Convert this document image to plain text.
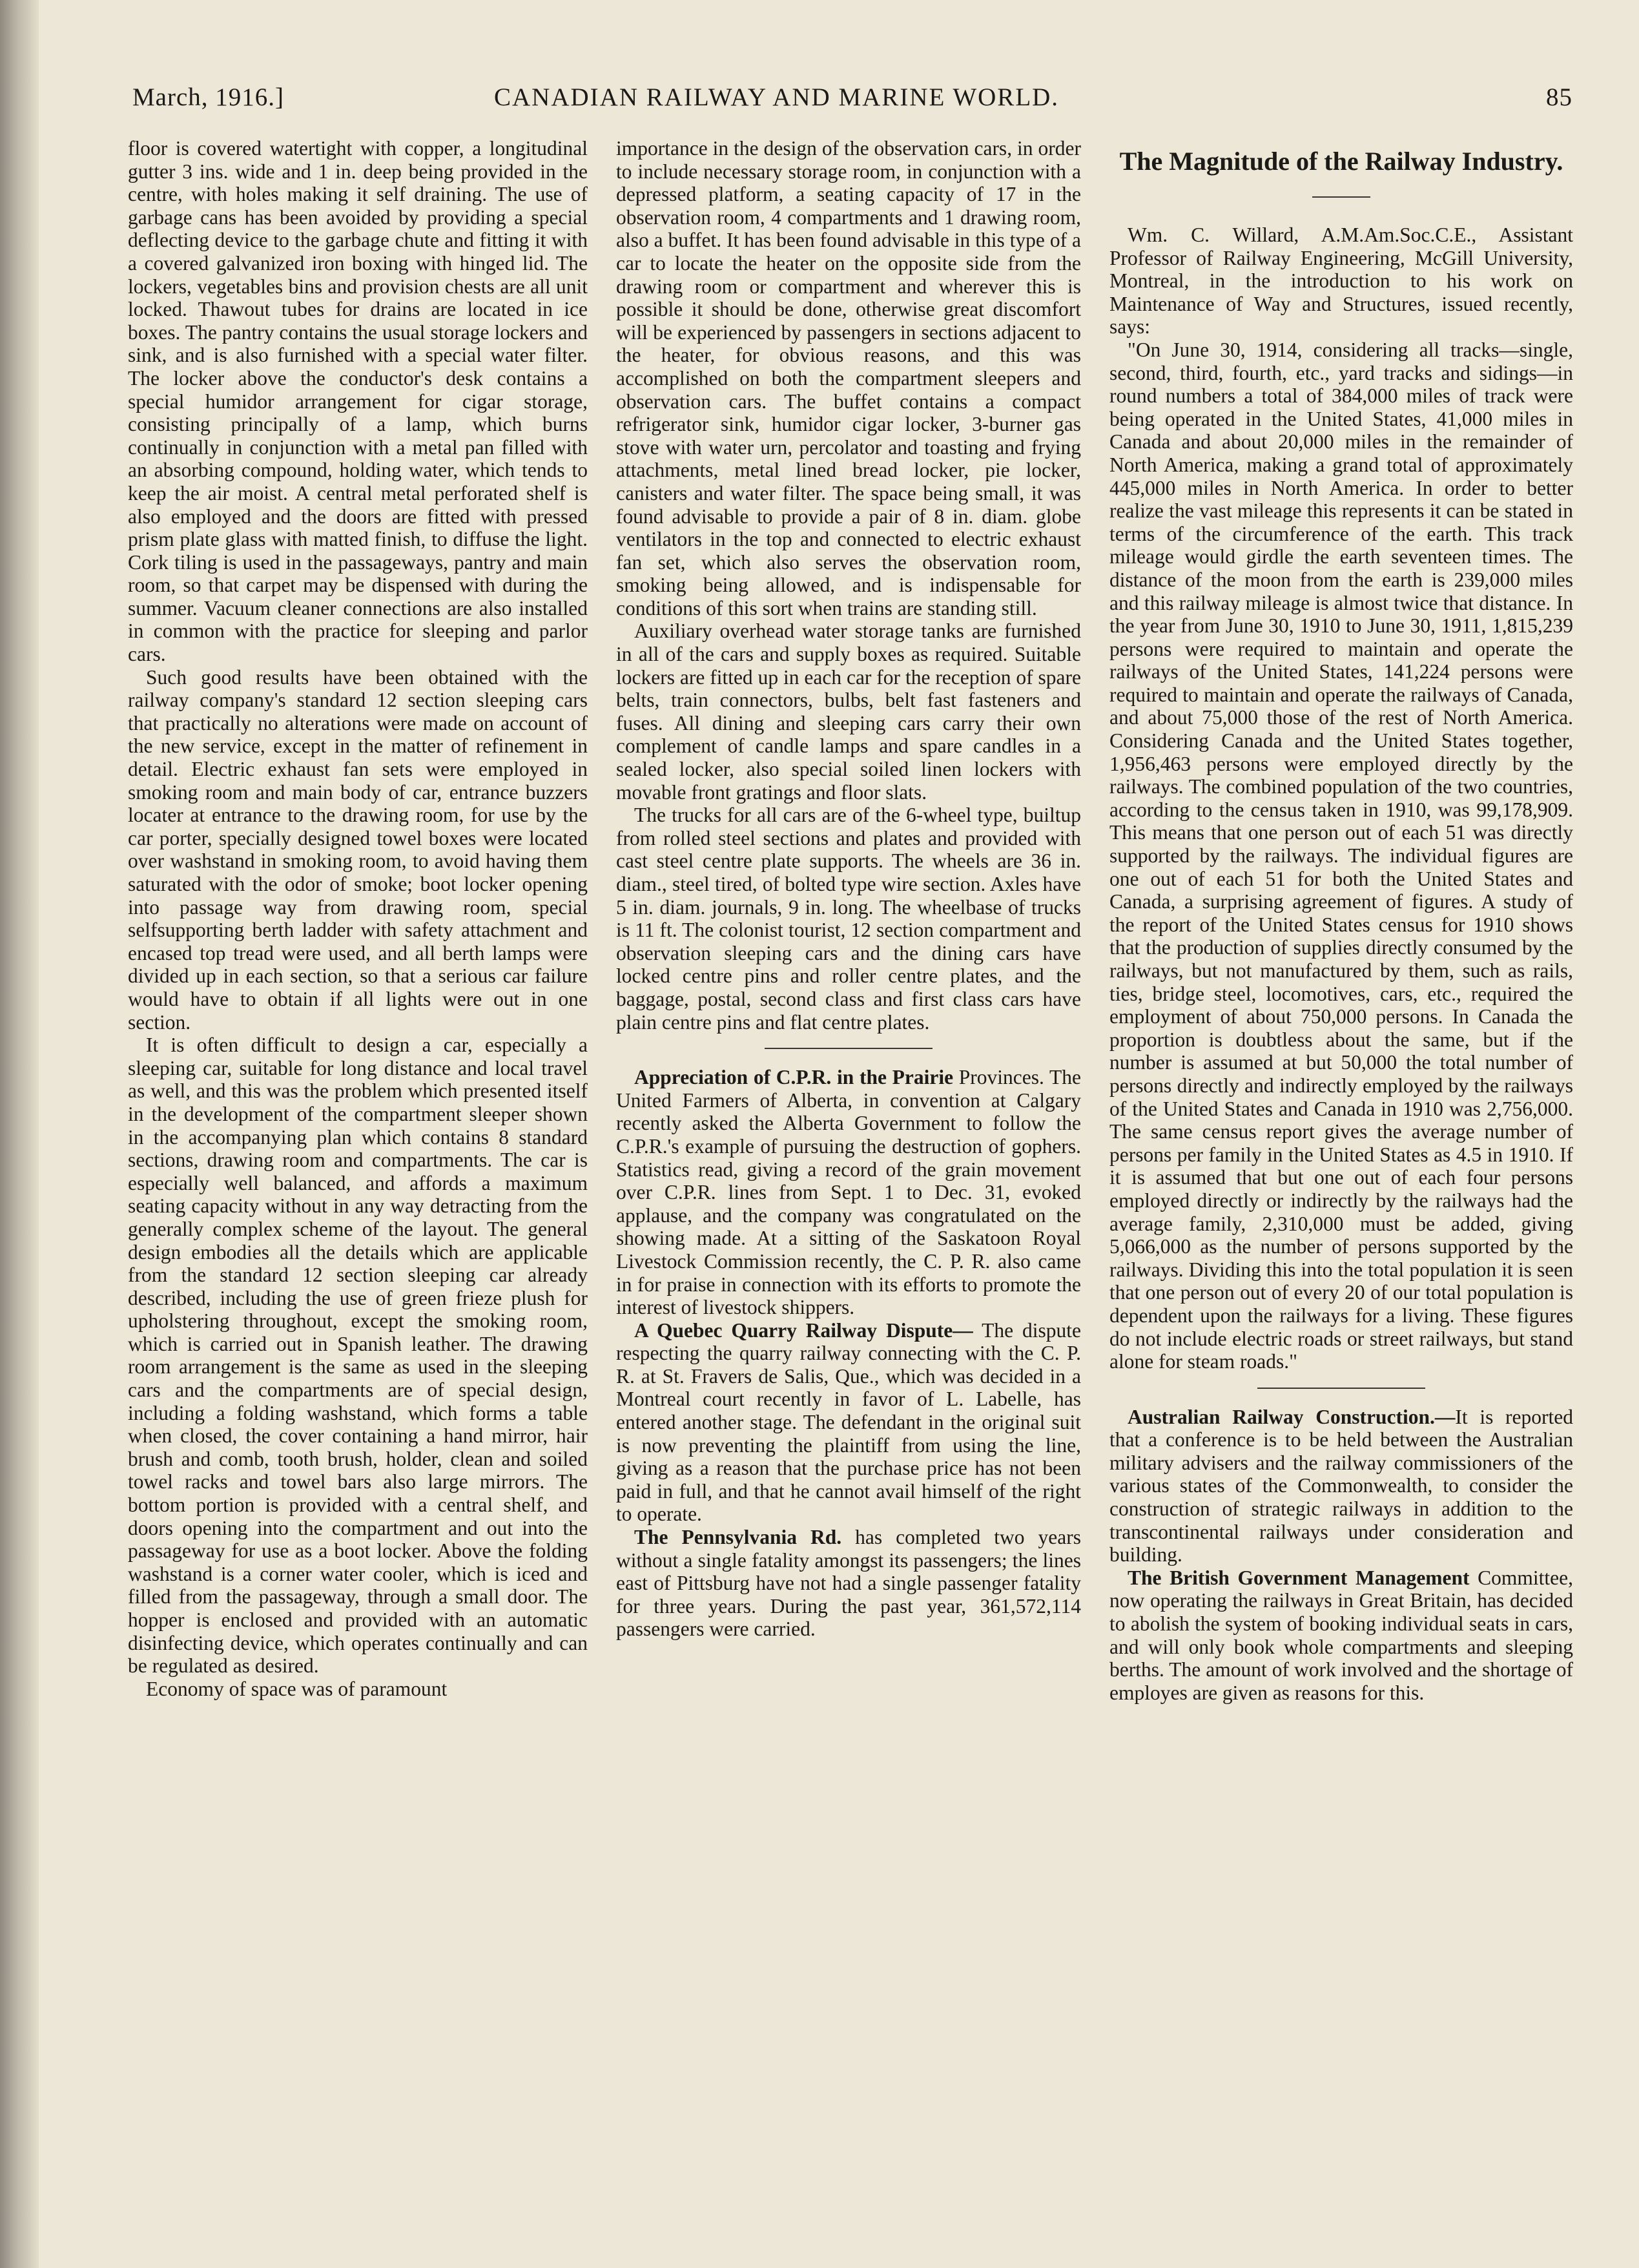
March, 1916.]	CANADIAN RAILWAY AND MARINE WORLD.	85

floor is covered watertight with copper, a longitudinal gutter 3 ins. wide and 1 in. deep being provided in the centre, with holes making it self draining. The use of garbage cans has been avoided by providing a special deflecting device to the garbage chute and fitting it with a covered galvanized iron boxing with hinged lid. The lockers, vegetables bins and provision chests are all unit locked. Thawout tubes for drains are located in ice boxes. The pantry contains the usual storage lockers and sink, and is also furnished with a special water filter. The locker above the conductor's desk contains a special humidor arrangement for cigar storage, consisting principally of a lamp, which burns continually in conjunction with a metal pan filled with an absorbing compound, holding water, which tends to keep the air moist. A central metal perforated shelf is also employed and the doors are fitted with pressed prism plate glass with matted finish, to diffuse the light. Cork tiling is used in the passageways, pantry and main room, so that carpet may be dispensed with during the summer. Vacuum cleaner connections are also installed in common with the practice for sleeping and parlor cars.

Such good results have been obtained with the railway company's standard 12 section sleeping cars that practically no alterations were made on account of the new service, except in the matter of refinement in detail. Electric exhaust fan sets were employed in smoking room and main body of car, entrance buzzers locater at entrance to the drawing room, for use by the car porter, specially designed towel boxes were located over washstand in smoking room, to avoid having them saturated with the odor of smoke; boot locker opening into passage way from drawing room, special selfsupporting berth ladder with safety attachment and encased top tread were used, and all berth lamps were divided up in each section, so that a serious car failure would have to obtain if all lights were out in one section.

It is often difficult to design a car, especially a sleeping car, suitable for long distance and local travel as well, and this was the problem which presented itself in the development of the compartment sleeper shown in the accompanying plan which contains 8 standard sections, drawing room and compartments. The car is especially well balanced, and affords a maximum seating capacity without in any way detracting from the generally complex scheme of the layout. The general design embodies all the details which are applicable from the standard 12 section sleeping car already described, including the use of green frieze plush for upholstering throughout, except the smoking room, which is carried out in Spanish leather. The drawing room arrangement is the same as used in the sleeping cars and the compartments are of special design, including a folding washstand, which forms a table when closed, the cover containing a hand mirror, hair brush and comb, tooth brush, holder, clean and soiled towel racks and towel bars also large mirrors. The bottom portion is provided with a central shelf, and doors opening into the compartment and out into the passageway for use as a boot locker. Above the folding washstand is a corner water cooler, which is iced and filled from the passageway, through a small door. The hopper is enclosed and provided with an automatic disinfecting device, which operates continually and can be regulated as desired.

Economy of space was of paramount

importance in the design of the observation cars, in order to include necessary storage room, in conjunction with a depressed platform, a seating capacity of 17 in the observation room, 4 compartments and 1 drawing room, also a buffet. It has been found advisable in this type of a car to locate the heater on the opposite side from the drawing room or compartment and wherever this is possible it should be done, otherwise great discomfort will be experienced by passengers in sections adjacent to the heater, for obvious reasons, and this was accomplished on both the compartment sleepers and observation cars. The buffet contains a compact refrigerator sink, humidor cigar locker, 3-burner gas stove with water urn, percolator and toasting and frying attachments, metal lined bread locker, pie locker, canisters and water filter. The space being small, it was found advisable to provide a pair of 8 in. diam. globe ventilators in the top and connected to electric exhaust fan set, which also serves the observation room, smoking being allowed, and is indispensable for conditions of this sort when trains are standing still.

Auxiliary overhead water storage tanks are furnished in all of the cars and supply boxes as required. Suitable lockers are fitted up in each car for the reception of spare belts, train connectors, bulbs, belt fast fasteners and fuses. All dining and sleeping cars carry their own complement of candle lamps and spare candles in a sealed locker, also special soiled linen lockers with movable front gratings and floor slats.

The trucks for all cars are of the 6-wheel type, builtup from rolled steel sections and plates and provided with cast steel centre plate supports. The wheels are 36 in. diam., steel tired, of bolted type wire section. Axles have 5 in. diam. journals, 9 in. long. The wheelbase of trucks is 11 ft. The colonist tourist, 12 section compartment and observation sleeping cars and the dining cars have locked centre pins and roller centre plates, and the baggage, postal, second class and first class cars have plain centre pins and flat centre plates.

Appreciation of C.P.R. in the Prairie Provinces. The United Farmers of Alberta, in convention at Calgary recently asked the Alberta Government to follow the C.P.R.'s example of pursuing the destruction of gophers. Statistics read, giving a record of the grain movement over C.P.R. lines from Sept. 1 to Dec. 31, evoked applause, and the company was congratulated on the showing made. At a sitting of the Saskatoon Royal Livestock Commission recently, the C. P. R. also came in for praise in connection with its efforts to promote the interest of livestock shippers.

A Quebec Quarry Railway Dispute— The dispute respecting the quarry railway connecting with the C. P. R. at St. Fravers de Salis, Que., which was decided in a Montreal court recently in favor of L. Labelle, has entered another stage. The defendant in the original suit is now preventing the plaintiff from using the line, giving as a reason that the purchase price has not been paid in full, and that he cannot avail himself of the right to operate.

The Pennsylvania Rd. has completed two years without a single fatality amongst its passengers; the lines east of Pittsburg have not had a single passenger fatality for three years. During the past year, 361,572,114 passengers were carried.

The Magnitude of the Railway Industry.

Wm. C. Willard, A.M.Am.Soc.C.E., Assistant Professor of Railway Engineering, McGill University, Montreal, in the introduction to his work on Maintenance of Way and Structures, issued recently, says:

"On June 30, 1914, considering all tracks—single, second, third, fourth, etc., yard tracks and sidings—in round numbers a total of 384,000 miles of track were being operated in the United States, 41,000 miles in Canada and about 20,000 miles in the remainder of North America, making a grand total of approximately 445,000 miles in North America. In order to better realize the vast mileage this represents it can be stated in terms of the circumference of the earth. This track mileage would girdle the earth seventeen times. The distance of the moon from the earth is 239,000 miles and this railway mileage is almost twice that distance. In the year from June 30, 1910 to June 30, 1911, 1,815,239 persons were required to maintain and operate the railways of the United States, 141,224 persons were required to maintain and operate the railways of Canada, and about 75,000 those of the rest of North America. Considering Canada and the United States together, 1,956,463 persons were employed directly by the railways. The combined population of the two countries, according to the census taken in 1910, was 99,178,909. This means that one person out of each 51 was directly supported by the railways. The individual figures are one out of each 51 for both the United States and Canada, a surprising agreement of figures. A study of the report of the United States census for 1910 shows that the production of supplies directly consumed by the railways, but not manufactured by them, such as rails, ties, bridge steel, locomotives, cars, etc., required the employment of about 750,000 persons. In Canada the proportion is doubtless about the same, but if the number is assumed at but 50,000 the total number of persons directly and indirectly employed by the railways of the United States and Canada in 1910 was 2,756,000. The same census report gives the average number of persons per family in the United States as 4.5 in 1910. If it is assumed that but one out of each four persons employed directly or indirectly by the railways had the average family, 2,310,000 must be added, giving 5,066,000 as the number of persons supported by the railways. Dividing this into the total population it is seen that one person out of every 20 of our total population is dependent upon the railways for a living. These figures do not include electric roads or street railways, but stand alone for steam roads."

Australian Railway Construction.—It is reported that a conference is to be held between the Australian military advisers and the railway commissioners of the various states of the Commonwealth, to consider the construction of strategic railways in addition to the transcontinental railways under consideration and building.

The British Government Management Committee, now operating the railways in Great Britain, has decided to abolish the system of booking individual seats in cars, and will only book whole compartments and sleeping berths. The amount of work involved and the shortage of employes are given as reasons for this.
